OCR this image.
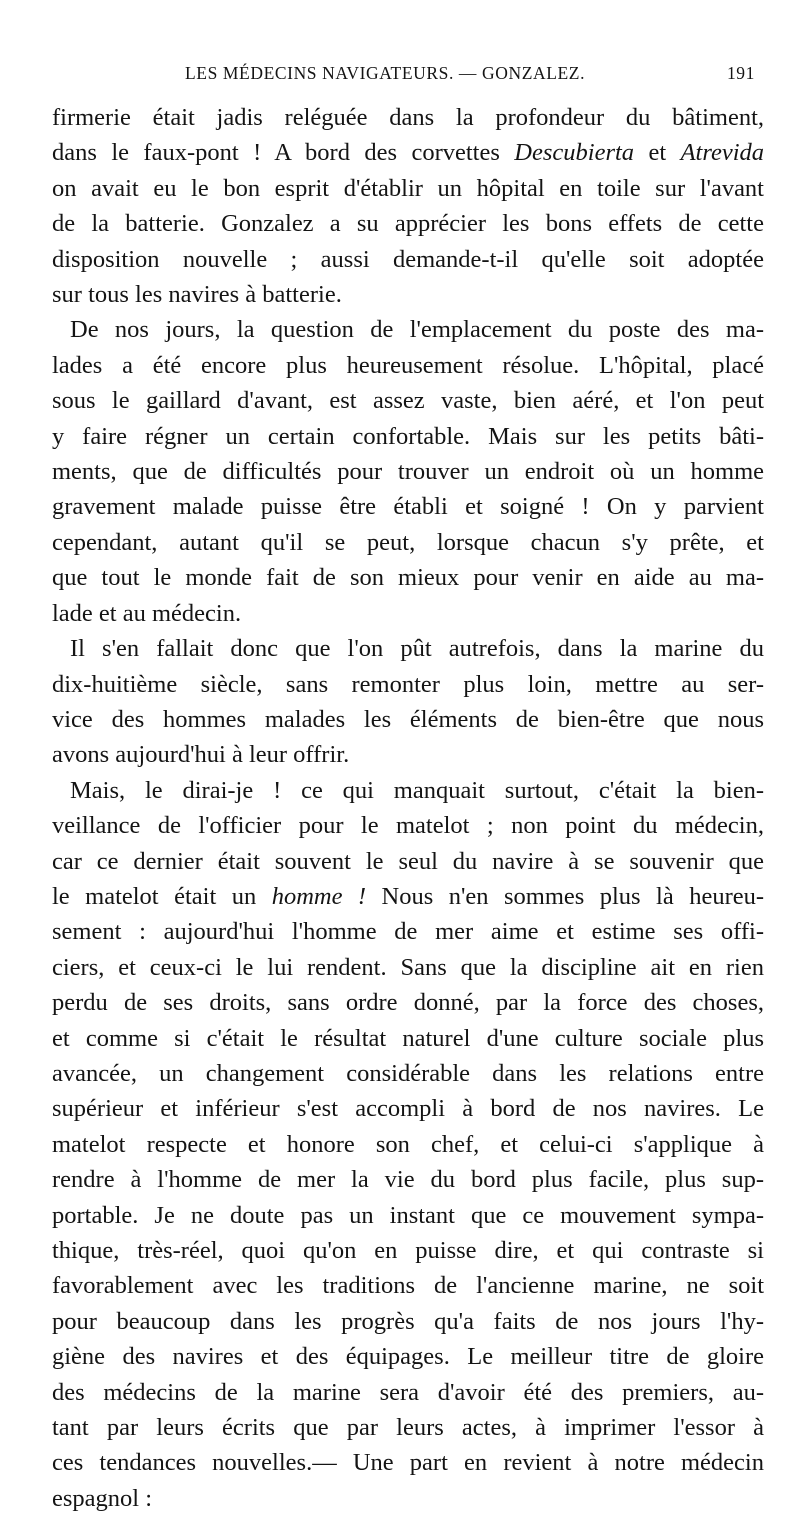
LES MÉDECINS NAVIGATEURS. — GONZALEZ.	191

firmerie était jadis reléguée dans la profondeur du bâtiment,

dans le faux-pont ! A bord des corvettes Descubierta et Atrevida

on avait eu le bon esprit d'établir un hôpital en toile sur l'avant

de la batterie. Gonzalez a su apprécier les bons effets de cette

disposition nouvelle ; aussi demande-t-il qu'elle soit adoptée

sur tous les navires à batterie.

De nos jours, la question de l'emplacement du poste des ma-

lades a été encore plus heureusement résolue. L'hôpital, placé

sous le gaillard d'avant, est assez vaste, bien aéré, et l'on peut

y faire régner un certain confortable. Mais sur les petits bâti-

ments, que de difficultés pour trouver un endroit où un homme

gravement malade puisse être établi et soigné ! On y parvient

cependant, autant qu'il se peut, lorsque chacun s'y prête, et

que tout le monde fait de son mieux pour venir en aide au ma-

lade et au médecin.

Il s'en fallait donc que l'on pût autrefois, dans la marine du

dix-huitième siècle, sans remonter plus loin, mettre au ser-

vice des hommes malades les éléments de bien-être que nous

avons aujourd'hui à leur offrir.

Mais, le dirai-je ! ce qui manquait surtout, c'était la bien-

veillance de l'officier pour le matelot ; non point du médecin,

car ce dernier était souvent le seul du navire à se souvenir que

le matelot était un homme ! Nous n'en sommes plus là heureu-

sement : aujourd'hui l'homme de mer aime et estime ses offi-

ciers, et ceux-ci le lui rendent. Sans que la discipline ait en rien

perdu de ses droits, sans ordre donné, par la force des choses,

et comme si c'était le résultat naturel d'une culture sociale plus

avancée, un changement considérable dans les relations entre

supérieur et inférieur s'est accompli à bord de nos navires. Le

matelot respecte et honore son chef, et celui-ci s'applique à

rendre à l'homme de mer la vie du bord plus facile, plus sup-

portable. Je ne doute pas un instant que ce mouvement sympa-

thique, très-réel, quoi qu'on en puisse dire, et qui contraste si

favorablement avec les traditions de l'ancienne marine, ne soit

pour beaucoup dans les progrès qu'a faits de nos jours l'hy-

giène des navires et des équipages. Le meilleur titre de gloire

des médecins de la marine sera d'avoir été des premiers, au-

tant par leurs écrits que par leurs actes, à imprimer l'essor à

ces tendances nouvelles.— Une part en revient à notre médecin

espagnol :
